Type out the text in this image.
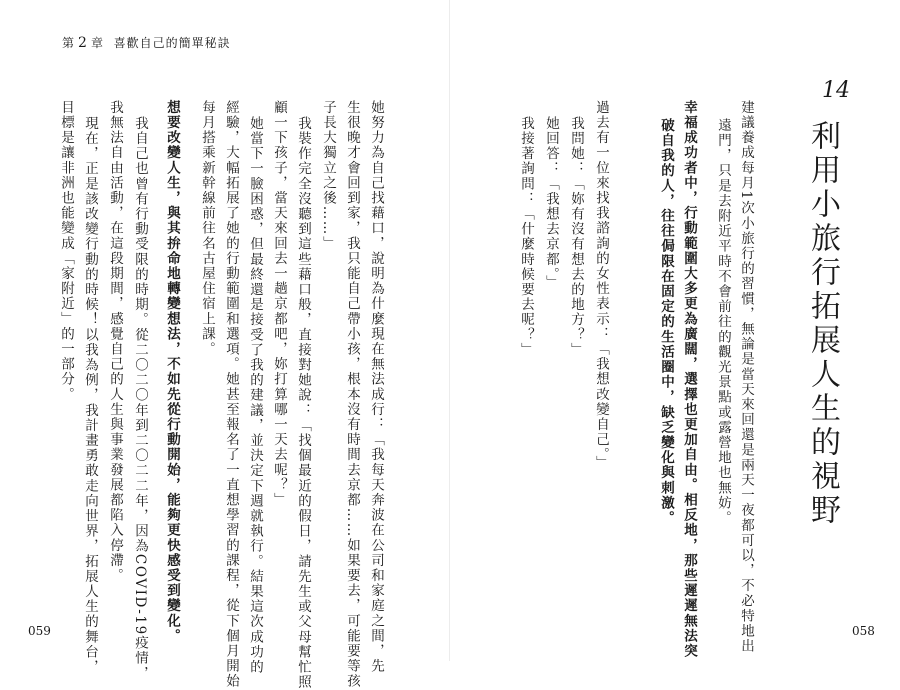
第 2 章 喜歡自己的簡單秘訣
14
利用小旅行拓展人生的視野
建議養成每月1次小旅行的習慣，無論是當天來回還是兩天一夜都可以，不必特地出
遠門，只是去附近平時不會前往的觀光景點或露營地也無妨。
幸福成功者中，行動範圍大多更為廣闊，選擇也更加自由。相反地，那些遲遲無法突
破自我的人，往往侷限在固定的生活圈中，缺乏變化與刺激。
過去有一位來找我諮詢的女性表示：「我想改變自己。」
我問她：「妳有沒有想去的地方？」
她回答：「我想去京都。」
我接著詢問：「什麼時候要去呢？」
058
她努力為自己找藉口，說明為什麼現在無法成行：「我每天奔波在公司和家庭之間，先
生很晚才會回到家，我只能自己帶小孩，根本沒有時間去京都……如果要去，可能要等孩
子長大獨立之後……」
我裝作完全沒聽到這些藉口般，直接對她說：「找個最近的假日，請先生或父母幫忙照
顧一下孩子，當天來回去一趟京都吧，妳打算哪一天去呢？」
她當下一臉困惑，但最終還是接受了我的建議，並決定下週就執行。結果這次成功的
經驗，大幅拓展了她的行動範圍和選項。她甚至報名了一直想學習的課程，從下個月開始
每月搭乘新幹線前往名古屋住宿上課。
想要改變人生，與其拚命地轉變想法，不如先從行動開始，能夠更快感受到變化。
我自己也曾有行動受限的時期。從二〇二〇年到二〇二二年，因為COVID-19疫情，
我無法自由活動，在這段期間，感覺自己的人生與事業發展都陷入停滯。
現在，正是該改變行動的時候！以我為例，我計畫勇敢走向世界，拓展人生的舞台，
目標是讓非洲也能變成「家附近」的一部分。
059
